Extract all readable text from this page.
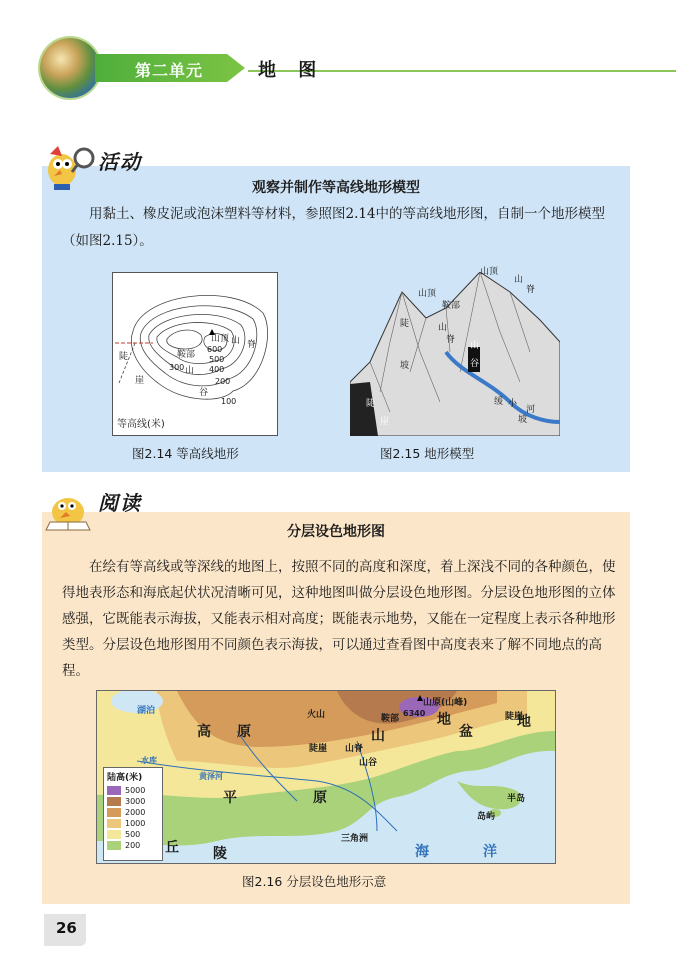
第二单元	地 图
活动
观察并制作等高线地形模型
用黏土、橡皮泥或泡沫塑料等材料，参照图2.14中的等高线地形图，自制一个地形模型（如图2.15）。
山顶 山 脊
鞍部
陡
崖
山
谷
600
500
400
300
200
100
等高线(米)
图2.14 等高线地形
山顶
鞍部
山顶
山
脊
陡
坡
山
脊
山
谷
缓
坡
小
河
陡
崖
图2.15 地形模型
阅读
分层设色地形图
在绘有等高线或等深线的地图上，按照不同的高度和深度，着上深浅不同的各种颜色，使得地表形态和海底起伏状况清晰可见，这种地图叫做分层设色地形图。分层设色地形图的立体感强，它既能表示海拔，又能表示相对高度；既能表示地势，又能在一定程度上表示各种地形类型。分层设色地形图用不同颜色表示海拔，可以通过查看图中高度表来了解不同地点的高程。
湖泊
高 原
火山
山原(山峰)
6340
山
地
盆
地
陡崖
陡崖
鞍部
山脊
山谷
水库
黄泽河
平	原	半岛
岛屿
三角洲
丘 陵	海	洋
陆高(米)
5000
3000
2000
1000
500
200
图2.16 分层设色地形示意
26
